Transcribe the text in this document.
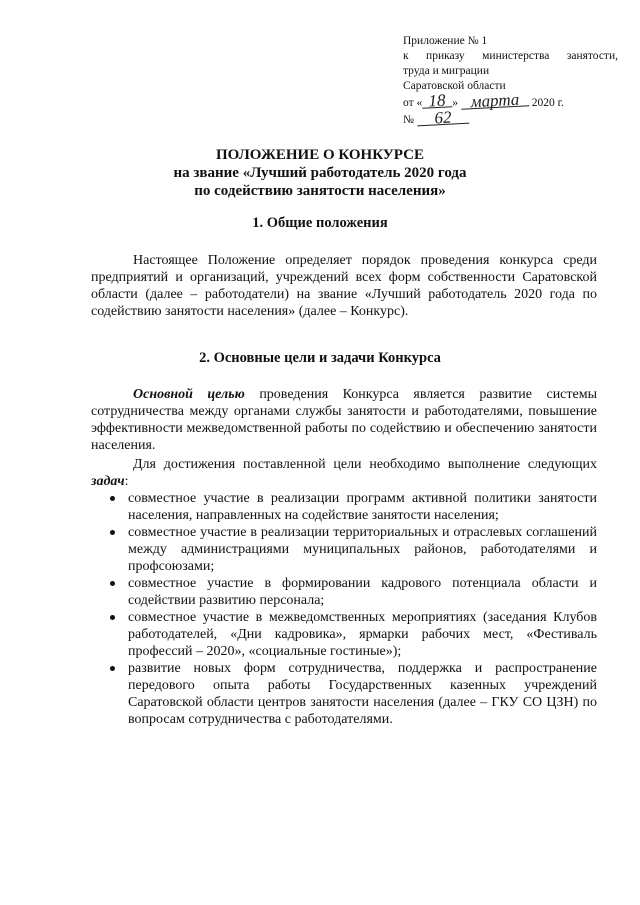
Приложение № 1
к приказу министерства занятости,
труда и миграции
Саратовской области
от « 18 » марта 2020 г.
№ 62
ПОЛОЖЕНИЕ О КОНКУРСЕ
на звание «Лучший работодатель 2020 года
по содействию занятости населения»
1. Общие положения
Настоящее Положение определяет порядок проведения конкурса среди предприятий и организаций, учреждений всех форм собственности Саратовской области (далее – работодатели) на звание «Лучший работодатель 2020 года по содействию занятости населения» (далее – Конкурс).
2. Основные цели и задачи Конкурса
Основной целью проведения Конкурса является развитие системы сотрудничества между органами службы занятости и работодателями, повышение эффективности межведомственной работы по содействию и обеспечению занятости населения.
Для достижения поставленной цели необходимо выполнение следующих задач:
совместное участие в реализации программ активной политики занятости населения, направленных на содействие занятости населения;
совместное участие в реализации территориальных и отраслевых соглашений между администрациями муниципальных районов, работодателями и профсоюзами;
совместное участие в формировании кадрового потенциала области и содействии развитию персонала;
совместное участие в межведомственных мероприятиях (заседания Клубов работодателей, «Дни кадровика», ярмарки рабочих мест, «Фестиваль профессий – 2020», «социальные гостиные»);
развитие новых форм сотрудничества, поддержка и распространение передового опыта работы Государственных казенных учреждений Саратовской области центров занятости населения (далее – ГКУ СО ЦЗН) по вопросам сотрудничества с работодателями.
